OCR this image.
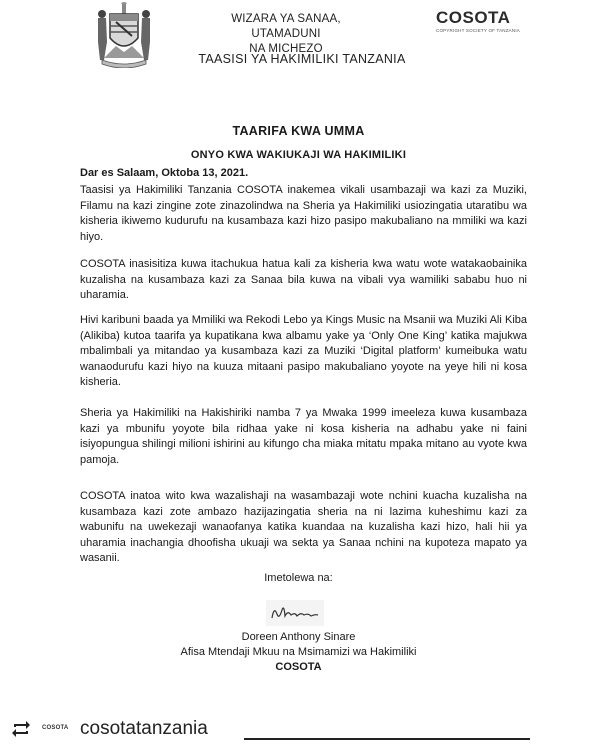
WIZARA YA SANAA, UTAMADUNI
NA MICHEZO
TAASISI YA HAKIMILIKI TANZANIA
COSOTA
COPYRIGHT SOCIETY OF TANZANIA
TAARIFA KWA UMMA
ONYO KWA WAKIUKAJI WA HAKIMILIKI
Dar es Salaam, Oktoba 13, 2021.
Taasisi ya Hakimiliki Tanzania COSOTA inakemea vikali usambazaji wa kazi za Muziki, Filamu na kazi zingine zote zinazolindwa na Sheria ya Hakimiliki usiozingatia utaratibu wa kisheria ikiwemo kudurufu na kusambaza kazi hizo pasipo makubaliano na mmiliki wa kazi hiyo.
COSOTA inasisitiza kuwa itachukua hatua kali za kisheria kwa watu wote watakaobainika kuzalisha na kusambaza kazi za Sanaa bila kuwa na vibali vya wamiliki sababu huo ni uharamia.
Hivi karibuni baada ya Mmiliki wa Rekodi Lebo ya Kings Music na Msanii wa Muziki Ali Kiba (Alikiba) kutoa taarifa ya kupatikana kwa albamu yake ya ‘Only One King’ katika majukwa mbalimbali ya mitandao ya kusambaza kazi za Muziki ‘Digital platform’ kumeibuka watu wanaodurufu kazi hiyo na kuuza mitaani pasipo makubaliano yoyote na yeye hili ni kosa kisheria.
Sheria ya Hakimiliki na Hakishiriki namba 7 ya Mwaka 1999 imeeleza kuwa kusambaza kazi ya mbunifu yoyote bila ridhaa yake ni kosa kisheria na adhabu yake ni faini isiyopungua shilingi milioni ishirini au kifungo cha miaka mitatu mpaka mitano au vyote kwa pamoja.
COSOTA inatoa wito kwa wazalishaji na wasambazaji wote nchini kuacha kuzalisha na kusambaza kazi zote ambazo hazijazingatia sheria na ni lazima kuheshimu kazi za wabunifu na uwekezaji wanaofanya katika kuandaa na kuzalisha kazi hizo, hali hii ya uharamia inachangia dhoofisha ukuaji wa sekta ya Sanaa nchini na kupoteza mapato ya wasanii.
Imetolewa na:
Doreen Anthony Sinare
Afisa Mtendaji Mkuu na Msimamizi wa Hakimiliki
COSOTA
COSOTA cosotatanzania
